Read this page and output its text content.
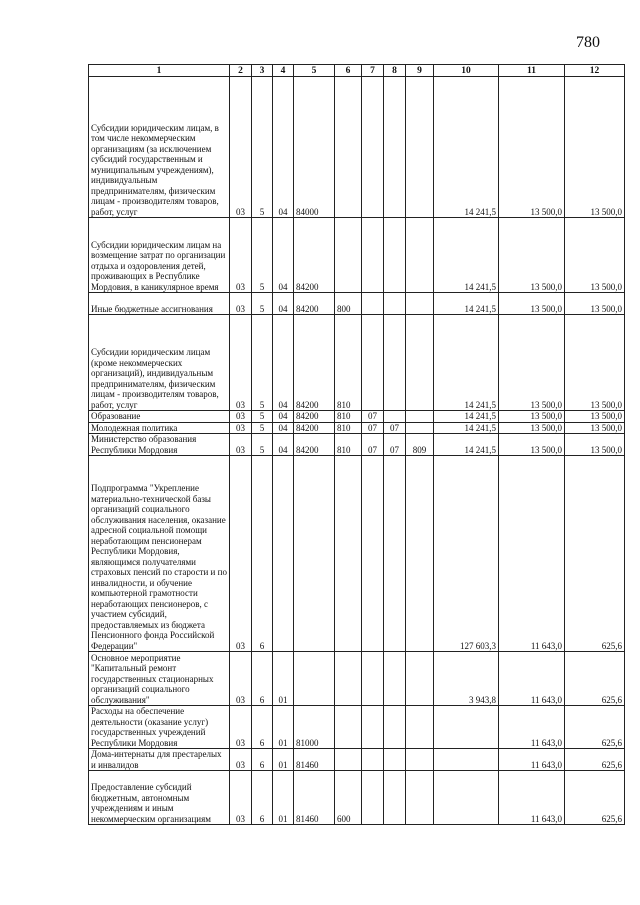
780
1	2	3	4	5	6	7	8	9	10	11	12
Субсидии юридическим лицам, в том числе некоммерческим организациям (за исключением субсидий государственным и муниципальным учреждениям), индивидуальным предпринимателям, физическим лицам - производителям товаров, работ, услуг	03	5	04	84000					14 241,5	13 500,0	13 500,0
Субсидии юридическим лицам на возмещение затрат по организации отдыха и оздоровления детей, проживающих в Республике Мордовия, в каникулярное время	03	5	04	84200					14 241,5	13 500,0	13 500,0
Иные бюджетные ассигнования	03	5	04	84200	800				14 241,5	13 500,0	13 500,0
Субсидии юридическим лицам (кроме некоммерческих организаций), индивидуальным предпринимателям, физическим лицам - производителям товаров, работ, услуг	03	5	04	84200	810				14 241,5	13 500,0	13 500,0
Образование	03	5	04	84200	810	07			14 241,5	13 500,0	13 500,0
Молодежная политика	03	5	04	84200	810	07	07		14 241,5	13 500,0	13 500,0
Министерство образования Республики Мордовия	03	5	04	84200	810	07	07	809	14 241,5	13 500,0	13 500,0
Подпрограмма "Укрепление материально-технической базы организаций социального обслуживания населения, оказание адресной социальной помощи неработающим пенсионерам Республики Мордовия, являющимся получателями страховых пенсий по старости и по инвалидности, и обучение компьютерной грамотности неработающих пенсионеров, с участием субсидий, предоставляемых из бюджета Пенсионного фонда Российской Федерации"	03	6							127 603,3	11 643,0	625,6
Основное мероприятие "Капитальный ремонт государственных стационарных организаций социального обслуживания"	03	6	01						3 943,8	11 643,0	625,6
Расходы на обеспечение деятельности (оказание услуг) государственных учреждений Республики Мордовия	03	6	01	81000						11 643,0	625,6
Дома-интернаты для престарелых и инвалидов	03	6	01	81460						11 643,0	625,6
Предоставление субсидий бюджетным, автономным учреждениям и иным некоммерческим организациям	03	6	01	81460	600					11 643,0	625,6
